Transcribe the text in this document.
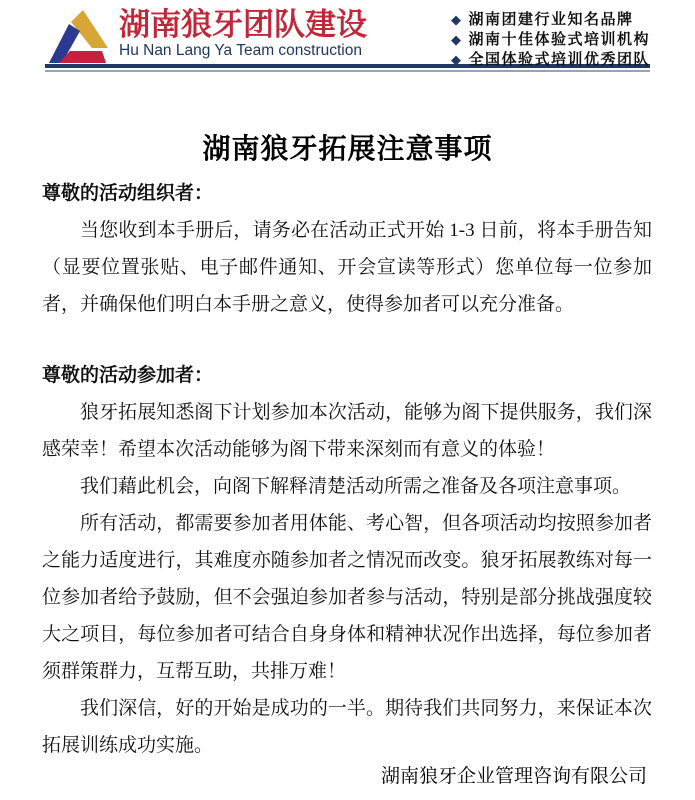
湖南狼牙团队建设
Hu Nan Lang Ya Team construction
◆ 湖南团建行业知名品牌
◆ 湖南十佳体验式培训机构
◆ 全国体验式培训优秀团队
湖南狼牙拓展注意事项
尊敬的活动组织者：
当您收到本手册后，请务必在活动正式开始 1-3 日前，将本手册告知（显要位置张贴、电子邮件通知、开会宣读等形式）您单位每一位参加者，并确保他们明白本手册之意义，使得参加者可以充分准备。
尊敬的活动参加者：
狼牙拓展知悉阁下计划参加本次活动，能够为阁下提供服务，我们深感荣幸！希望本次活动能够为阁下带来深刻而有意义的体验！
我们藉此机会，向阁下解释清楚活动所需之准备及各项注意事项。
所有活动，都需要参加者用体能、考心智，但各项活动均按照参加者之能力适度进行，其难度亦随参加者之情况而改变。狼牙拓展教练对每一位参加者给予鼓励，但不会强迫参加者参与活动，特别是部分挑战强度较大之项目，每位参加者可结合自身身体和精神状况作出选择，每位参加者须群策群力，互帮互助，共排万难！
我们深信，好的开始是成功的一半。期待我们共同努力，来保证本次拓展训练成功实施。
湖南狼牙企业管理咨询有限公司
